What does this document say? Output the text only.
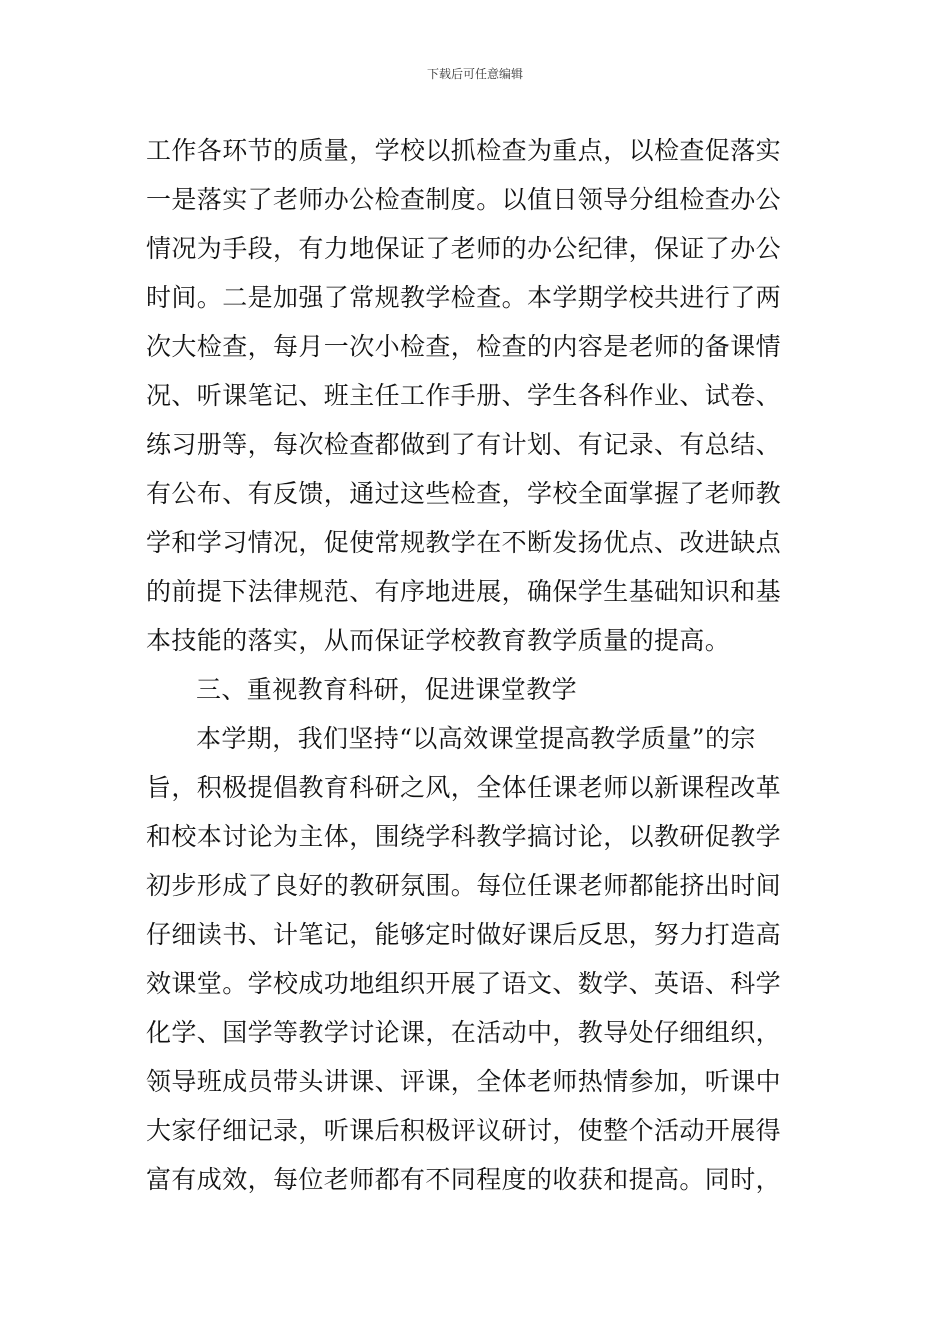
下载后可任意编辑
工作各环节的质量，学校以抓检查为重点，以检查促落实
一是落实了老师办公检查制度。以值日领导分组检查办公
情况为手段，有力地保证了老师的办公纪律，保证了办公
时间。二是加强了常规教学检查。本学期学校共进行了两
次大检查，每月一次小检查，检查的内容是老师的备课情
况、听课笔记、班主任工作手册、学生各科作业、试卷、
练习册等，每次检查都做到了有计划、有记录、有总结、
有公布、有反馈，通过这些检查，学校全面掌握了老师教
学和学习情况，促使常规教学在不断发扬优点、改进缺点
的前提下法律规范、有序地进展，确保学生基础知识和基
本技能的落实，从而保证学校教育教学质量的提高。
三、重视教育科研，促进课堂教学
本学期，我们坚持“以高效课堂提高教学质量”的宗
旨，积极提倡教育科研之风，全体任课老师以新课程改革
和校本讨论为主体，围绕学科教学搞讨论，以教研促教学
初步形成了良好的教研氛围。每位任课老师都能挤出时间
仔细读书、计笔记，能够定时做好课后反思，努力打造高
效课堂。学校成功地组织开展了语文、数学、英语、科学
化学、国学等教学讨论课，在活动中，教导处仔细组织，
领导班成员带头讲课、评课，全体老师热情参加，听课中
大家仔细记录，听课后积极评议研讨，使整个活动开展得
富有成效，每位老师都有不同程度的收获和提高。同时，
